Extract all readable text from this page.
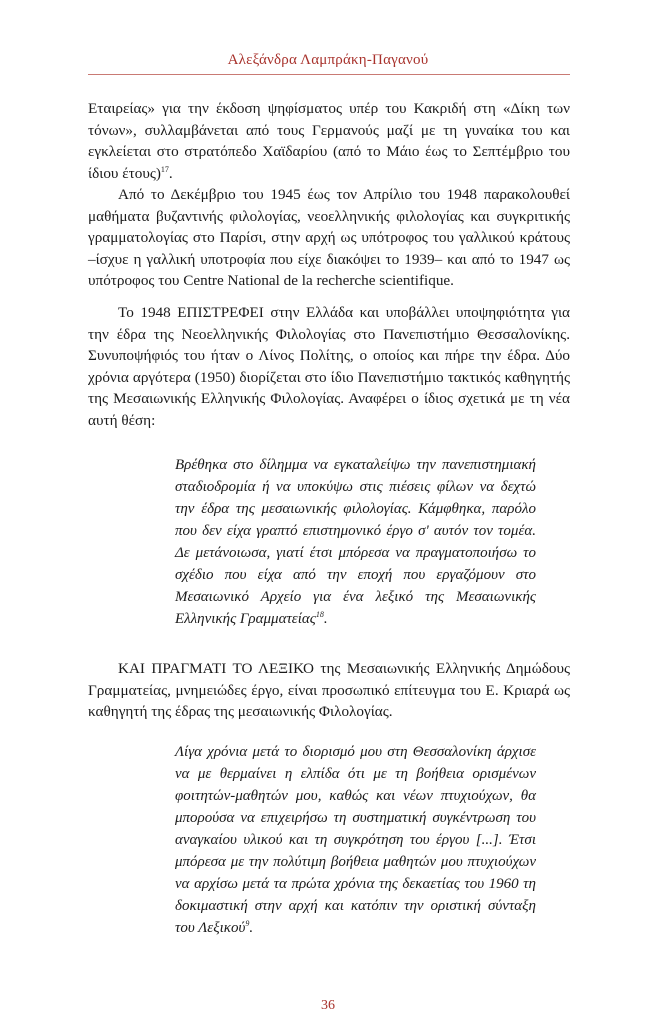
Αλεξάνδρα Λαμπράκη-Παγανού

Εταιρείας» για την έκδοση ψηφίσματος υπέρ του Κακριδή στη «Δίκη των τόνων», συλλαμβάνεται από τους Γερμανούς μαζί με τη γυναίκα του και εγκλείεται στο στρατόπεδο Χαϊδαρίου (από το Μάιο έως το Σεπτέμβριο του ίδιου έτους)$^{17}$.

Από το Δεκέμβριο του 1945 έως τον Απρίλιο του 1948 παρακολουθεί μαθήματα βυζαντινής φιλολογίας, νεοελληνικής φιλολογίας και συγκριτικής γραμματολογίας στο Παρίσι, στην αρχή ως υπότροφος του γαλλικού κράτους –ίσχυε η γαλλική υποτροφία που είχε διακόψει το 1939– και από το 1947 ως υπότροφος του Centre National de la recherche scientifique.

Το 1948 ΕΠΙΣΤΡΕΦΕΙ στην Ελλάδα και υποβάλλει υποψηφιότητα για την έδρα της Νεοελληνικής Φιλολογίας στο Πανεπιστήμιο Θεσσαλονίκης. Συνυποψήφιός του ήταν ο Λίνος Πολίτης, ο οποίος και πήρε την έδρα. Δύο χρόνια αργότερα (1950) διορίζεται στο ίδιο Πανεπιστήμιο τακτικός καθηγητής της Μεσαιωνικής Ελληνικής Φιλολογίας. Αναφέρει ο ίδιος σχετικά με τη νέα αυτή θέση:

Βρέθηκα στο δίλημμα να εγκαταλείψω την πανεπιστημιακή σταδιοδρομία ή να υποκύψω στις πιέσεις φίλων να δεχτώ την έδρα της μεσαιωνικής φιλολογίας. Κάμφθηκα, παρόλο που δεν είχα γραπτό επιστημονικό έργο σ' αυτόν τον τομέα. Δε μετάνοιωσα, γιατί έτσι μπόρεσα να πραγματοποιήσω το σχέδιο που είχα από την εποχή που εργαζόμουν στο Μεσαιωνικό Αρχείο για ένα λεξικό της Μεσαιωνικής Ελληνικής Γραμματείας$^{18}$.

ΚΑΙ ΠΡΑΓΜΑΤΙ ΤΟ ΛΕΞΙΚΟ της Μεσαιωνικής Ελληνικής Δημώδους Γραμματείας, μνημειώδες έργο, είναι προσωπικό επίτευγμα του Ε. Κριαρά ως καθηγητή της έδρας της μεσαιωνικής Φιλολογίας.

Λίγα χρόνια μετά το διορισμό μου στη Θεσσαλονίκη άρχισε να με θερμαίνει η ελπίδα ότι με τη βοήθεια ορισμένων φοιτητών-μαθητών μου, καθώς και νέων πτυχιούχων, θα μπορούσα να επιχειρήσω τη συστηματική συγκέντρωση του αναγκαίου υλικού και τη συγκρότηση του έργου [...]. Έτσι μπόρεσα με την πολύτιμη βοήθεια μαθητών μου πτυχιούχων να αρχίσω μετά τα πρώτα χρόνια της δεκαετίας του 1960 τη δοκιμαστική στην αρχή και κατόπιν την οριστική σύνταξη του Λεξικού$^9$.

36
